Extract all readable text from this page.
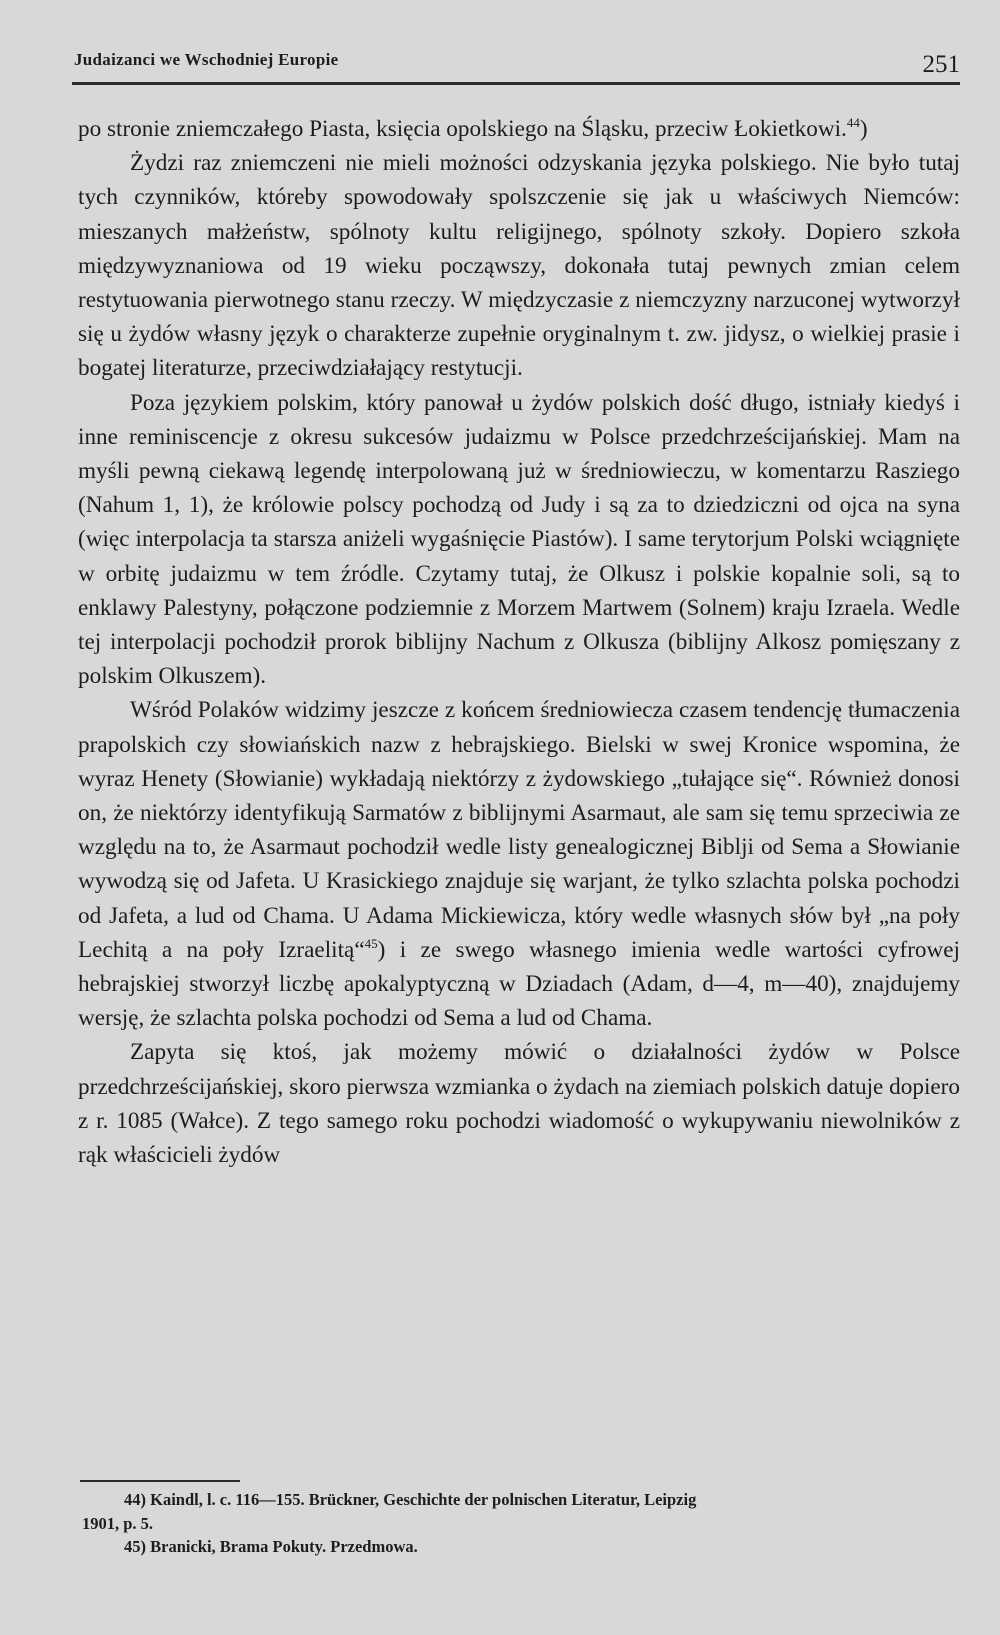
Judaizanci we Wschodniej Europie	251

po stronie zniemczałego Piasta, księcia opolskiego na Śląsku, przeciw Łokietkowi.$^{44}$)

Żydzi raz zniemczeni nie mieli możności odzyskania języka polskiego. Nie było tutaj tych czynników, któreby spowodowały spolszczenie się jak u właściwych Niemców: mieszanych małżeństw, spólnoty kultu religijnego, spólnoty szkoły. Dopiero szkoła międzywyznaniowa od 19 wieku począwszy, dokonała tutaj pewnych zmian celem restytuowania pierwotnego stanu rzeczy. W międzyczasie z niemczyzny narzuconej wytworzył się u żydów własny język o charakterze zupełnie oryginalnym t. zw. jidysz, o wielkiej prasie i bogatej literaturze, przeciwdziałający restytucji.

Poza językiem polskim, który panował u żydów polskich dość długo, istniały kiedyś i inne reminiscencje z okresu sukcesów judaizmu w Polsce przedchrześcijańskiej. Mam na myśli pewną ciekawą legendę interpolowaną już w średniowieczu, w komentarzu Rasziego (Nahum 1, 1), że królowie polscy pochodzą od Judy i są za to dziedziczni od ojca na syna (więc interpolacja ta starsza aniżeli wygaśnięcie Piastów). I same terytorjum Polski wciągnięte w orbitę judaizmu w tem źródle. Czytamy tutaj, że Olkusz i polskie kopalnie soli, są to enklawy Palestyny, połączone podziemnie z Morzem Martwem (Solnem) kraju Izraela. Wedle tej interpolacji pochodził prorok biblijny Nachum z Olkusza (biblijny Alkosz pomięszany z polskim Olkuszem).

Wśród Polaków widzimy jeszcze z końcem średniowiecza czasem tendencję tłumaczenia prapolskich czy słowiańskich nazw z hebrajskiego. Bielski w swej Kronice wspomina, że wyraz Henety (Słowianie) wykładają niektórzy z żydowskiego „tułające się“. Również donosi on, że niektórzy identyfikują Sarmatów z biblijnymi Asarmaut, ale sam się temu sprzeciwia ze względu na to, że Asarmaut pochodził wedle listy genealogicznej Biblji od Sema a Słowianie wywodzą się od Jafeta. U Krasickiego znajduje się warjant, że tylko szlachta polska pochodzi od Jafeta, a lud od Chama. U Adama Mickiewicza, który wedle własnych słów był „na poły Lechitą a na poły Izraelitą“$^{45}$) i ze swego własnego imienia wedle wartości cyfrowej hebrajskiej stworzył liczbę apokalyptyczną w Dziadach (Adam, d—4, m—40), znajdujemy wersję, że szlachta polska pochodzi od Sema a lud od Chama.

Zapyta się ktoś, jak możemy mówić o działalności żydów w Polsce przedchrześcijańskiej, skoro pierwsza wzmianka o żydach na ziemiach polskich datuje dopiero z r. 1085 (Wałce). Z tego samego roku pochodzi wiadomość o wykupywaniu niewolników z rąk właścicieli żydów

44) Kaindl, l. c. 116—155. Brückner, Geschichte der polnischen Literatur, Leipzig

1901, p. 5.

45) Branicki, Brama Pokuty. Przedmowa.
